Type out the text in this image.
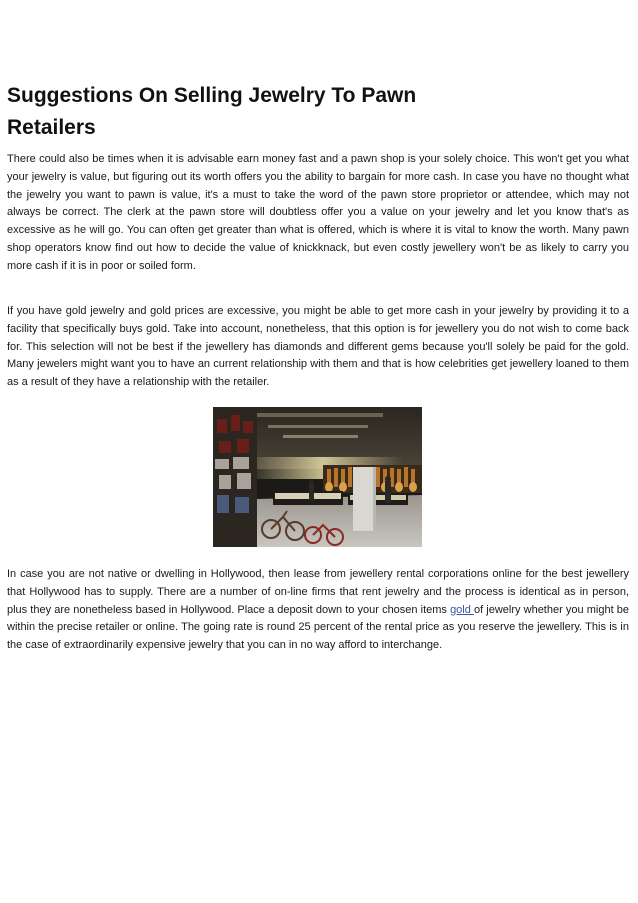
Suggestions On Selling Jewelry To Pawn Retailers

There could also be times when it is advisable earn money fast and a pawn shop is your solely choice. This won't get you what your jewelry is value, but figuring out its worth offers you the ability to bargain for more cash. In case you have no thought what the jewelry you want to pawn is value, it's a must to take the word of the pawn store proprietor or attendee, which may not always be correct. The clerk at the pawn store will doubtless offer you a value on your jewelry and let you know that's as excessive as he will go. You can often get greater than what is offered, which is where it is vital to know the worth. Many pawn shop operators know find out how to decide the value of knickknack, but even costly jewellery won't be as likely to carry you more cash if it is in poor or soiled form.

If you have gold jewelry and gold prices are excessive, you might be able to get more cash in your jewelry by providing it to a facility that specifically buys gold. Take into account, nonetheless, that this option is for jewellery you do not wish to come back for. This selection will not be best if the jewellery has diamonds and different gems because you'll solely be paid for the gold. Many jewelers might want you to have an current relationship with them and that is how celebrities get jewellery loaned to them as a result of they have a relationship with the retailer.

In case you are not native or dwelling in Hollywood, then lease from jewellery rental corporations online for the best jewellery that Hollywood has to supply. There are a number of on-line firms that rent jewelry and the process is identical as in person, plus they are nonetheless based in Hollywood. Place a deposit down to your chosen items gold of jewelry whether you might be within the precise retailer or online. The going rate is round 25 percent of the rental price as you reserve the jewellery. This is in the case of extraordinarily expensive jewelry that you can in no way afford to interchange.
